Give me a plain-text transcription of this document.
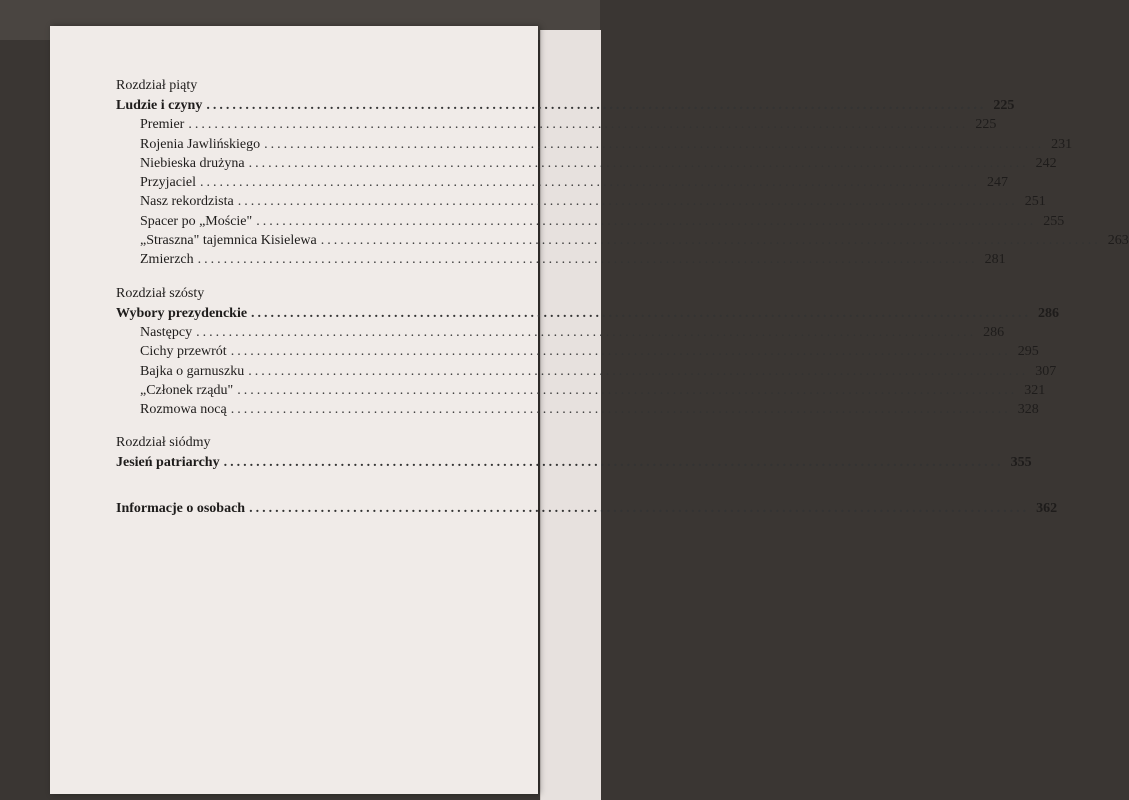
Rozdział piąty
Ludzie i czyny ........................................................................................................................ 225
Premier ........................................................................................................................ 225
Rojenia Jawlińskiego ........................................................................................................................ 231
Niebieska drużyna ........................................................................................................................ 242
Przyjaciel ........................................................................................................................ 247
Nasz rekordzista ........................................................................................................................ 251
Spacer po „Moście" ........................................................................................................................ 255
„Straszna" tajemnica Kisielewa ........................................................................................................................ 263
Zmierzch ........................................................................................................................ 281
Rozdział szósty
Wybory prezydenckie ........................................................................................................................ 286
Następcy ........................................................................................................................ 286
Cichy przewrót ........................................................................................................................ 295
Bajka o garnuszku ........................................................................................................................ 307
„Członek rządu" ........................................................................................................................ 321
Rozmowa nocą ........................................................................................................................ 328
Rozdział siódmy
Jesień patriarchy ........................................................................................................................ 355
Informacje o osobach ........................................................................................................................ 362
